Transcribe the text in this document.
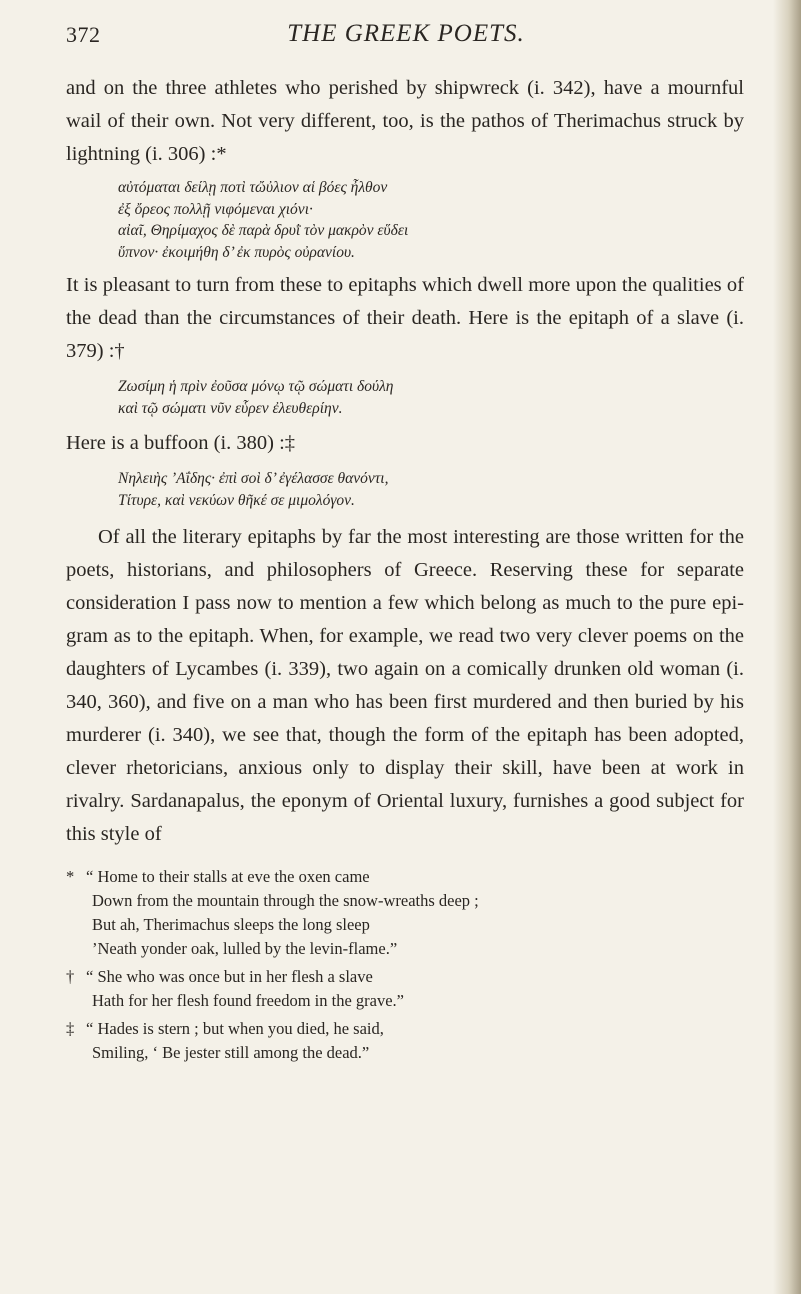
372	THE GREEK POETS.

and on the three athletes who perished by shipwreck (i. 342), have a mournful wail of their own. Not very different, too, is the pathos of Therimachus struck by lightning (i. 306) :*

αὐτόμαται δείλῃ ποτὶ τὤὐλιον αἱ βόες ἦλθον
ἐξ ὄρεος πολλῇ νιφόμεναι χιόνι·
αἰαῖ, Θηρίμαχος δὲ παρὰ δρυῒ τὸν μακρὸν εὕδει
ὕπνον· ἐκοιμήθη δ’ ἐκ πυρὸς οὐρανίου.

It is pleasant to turn from these to epitaphs which dwell more upon the qualities of the dead than the circumstances of their death. Here is the epitaph of a slave (i. 379) :†

Ζωσίμη ἡ πρὶν ἐοῦσα μόνῳ τῷ σώματι δούλη
καὶ τῷ σώματι νῦν εὗρεν ἐλευθερίην.

Here is a buffoon (i. 380) :‡

Νηλειὴς ’Αΐδης· ἐπὶ σοὶ δ’ ἐγέλασσε θανόντι,
Τίτυρε, καὶ νεκύων θῆκέ σε μιμολόγον.

Of all the literary epitaphs by far the most interesting are those written for the poets, historians, and philosophers of Greece. Reserving these for separate consideration I pass now to mention a few which belong as much to the pure epigram as to the epitaph. When, for example, we read two very clever poems on the daughters of Lycambes (i. 339), two again on a comically drunken old woman (i. 340, 360), and five on a man who has been first murdered and then buried by his murderer (i. 340), we see that, though the form of the epitaph has been adopted, clever rhetoricians, anxious only to display their skill, have been at work in rivalry. Sardanapalus, the eponym of Oriental luxury, furnishes a good subject for this style of

* “ Home to their stalls at eve the oxen came
Down from the mountain through the snow-wreaths deep ;
But ah, Therimachus sleeps the long sleep
’Neath yonder oak, lulled by the levin-flame.”
† “ She who was once but in her flesh a slave
Hath for her flesh found freedom in the grave.”
‡ “ Hades is stern ; but when you died, he said,
Smiling, ‘ Be jester still among the dead.”
